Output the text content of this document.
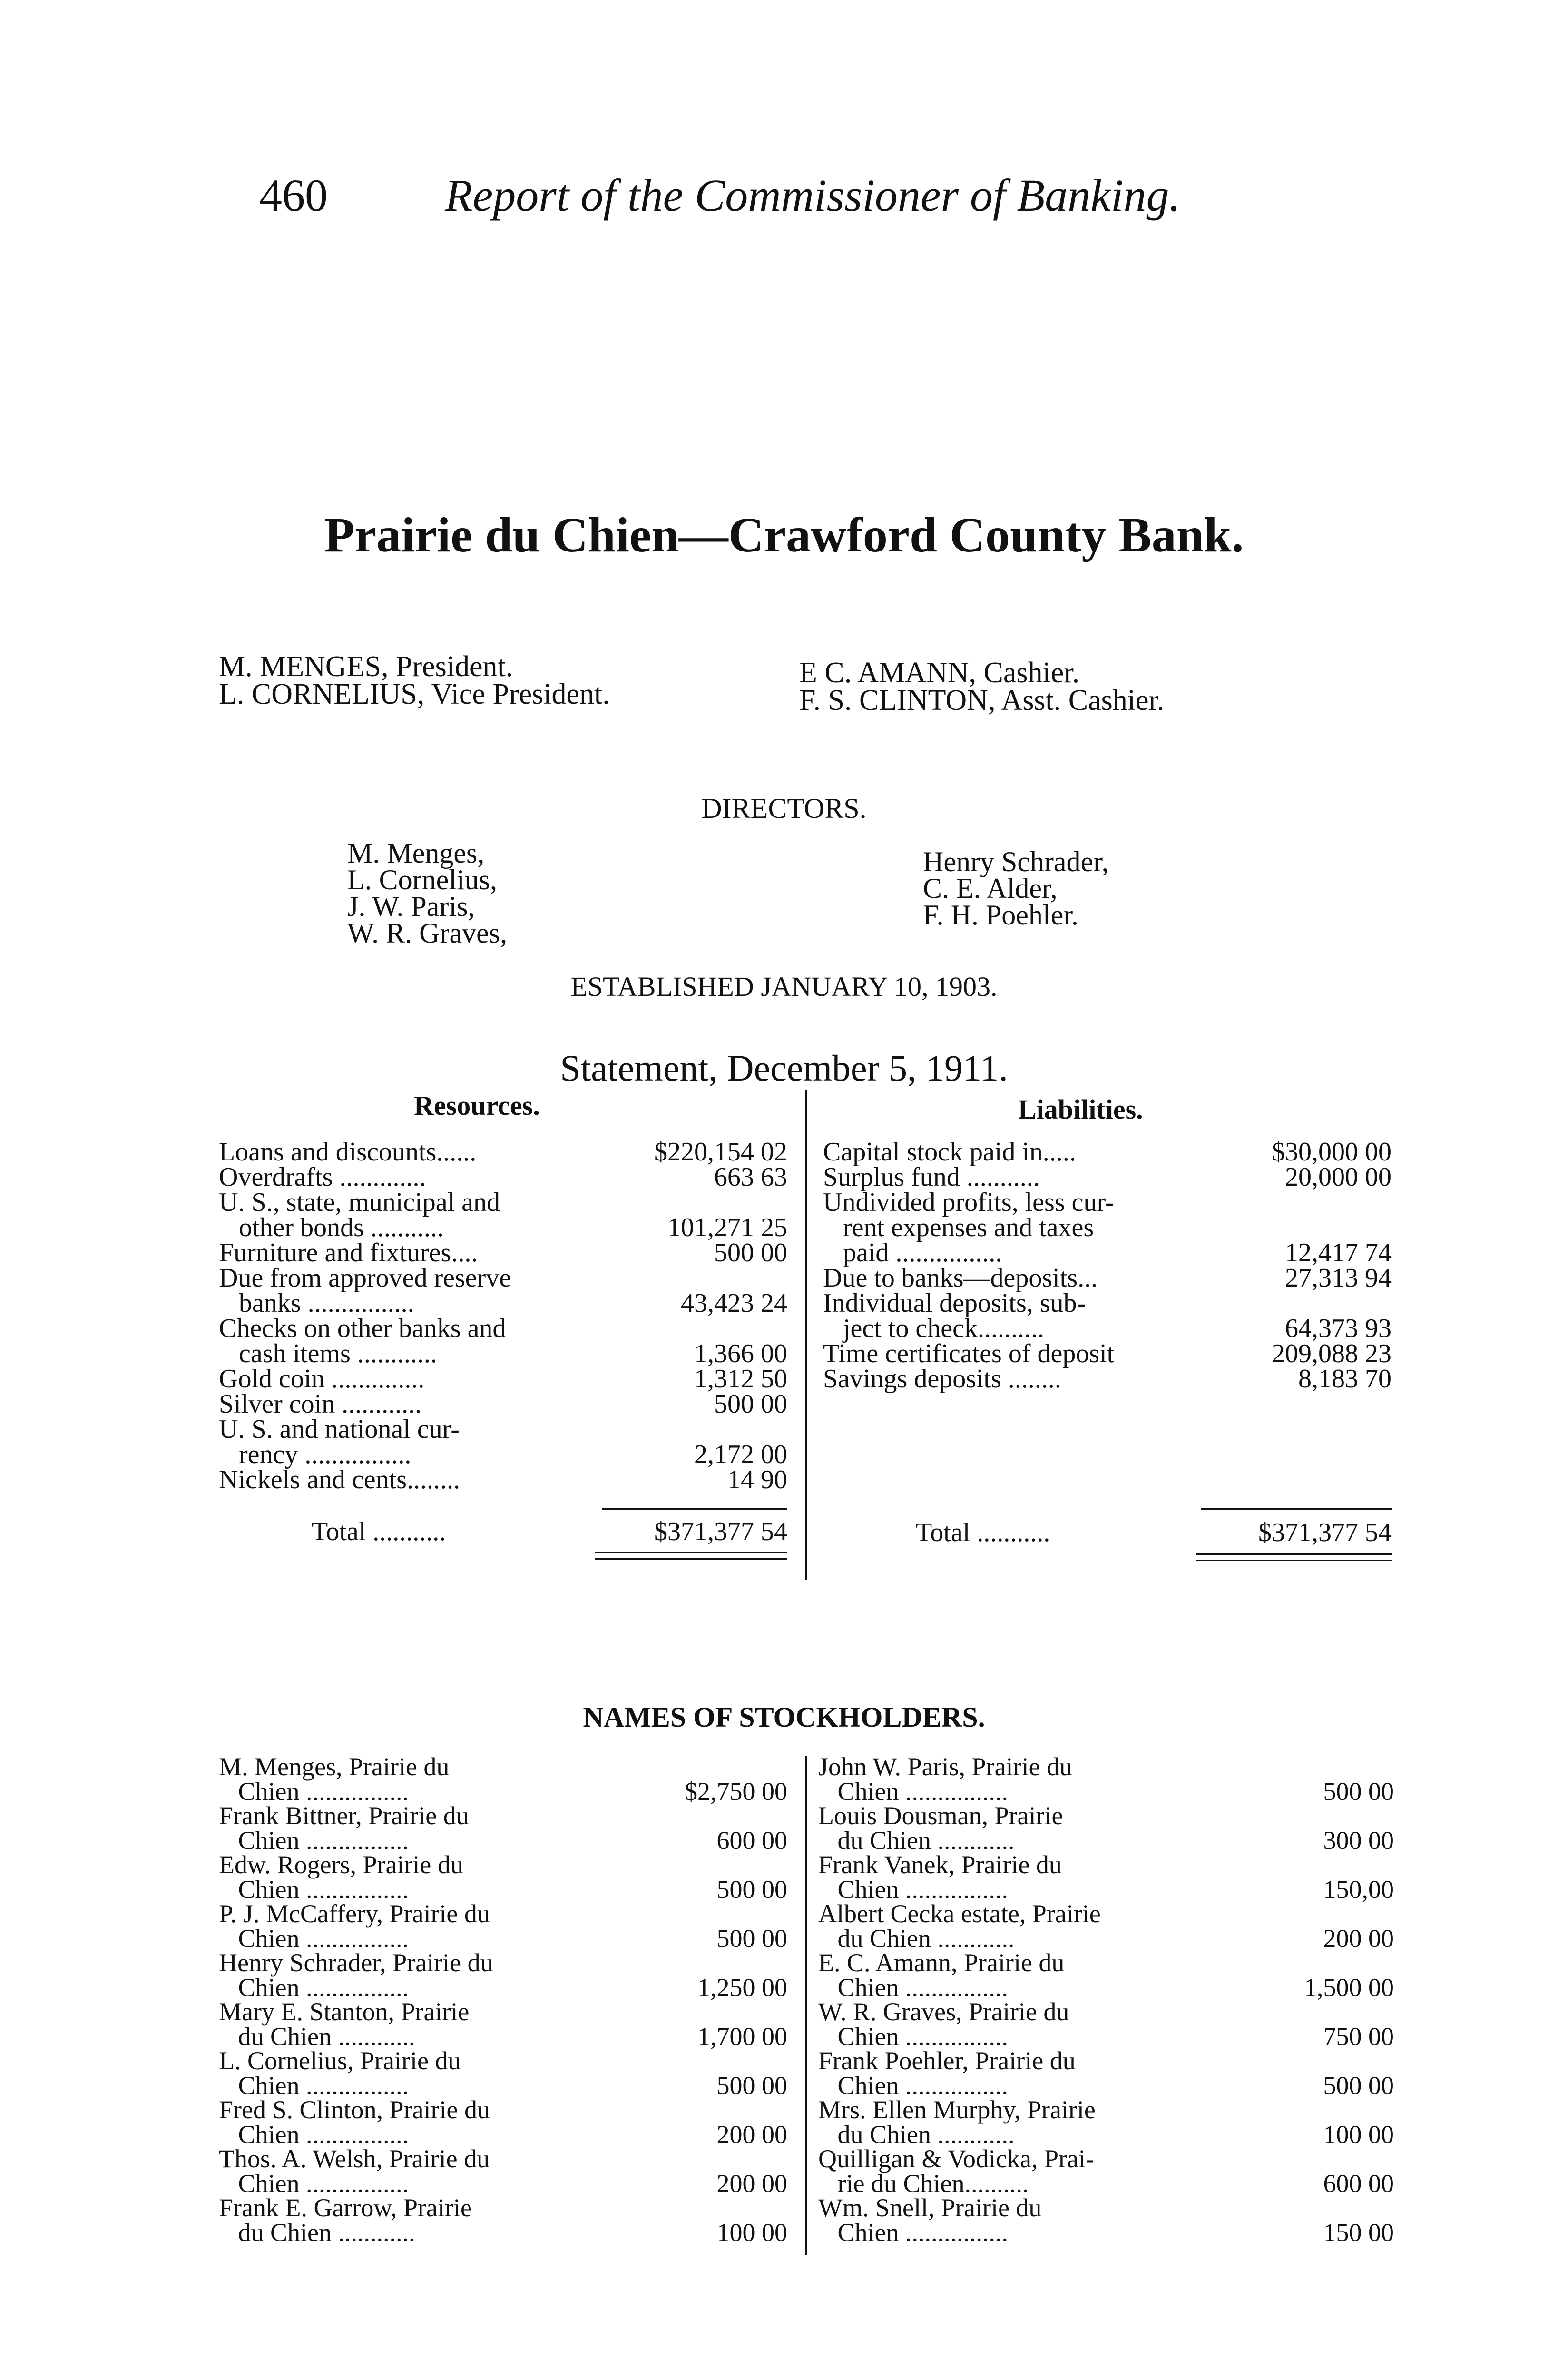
460	Report of the Commissioner of Banking.
Prairie du Chien—Crawford County Bank.
M. MENGES, President.
L. CORNELIUS, Vice President.
E C. AMANN, Cashier.
F. S. CLINTON, Asst. Cashier.
DIRECTORS.
M. Menges,
L. Cornelius,
J. W. Paris,
W. R. Graves,
Henry Schrader,
C. E. Alder,
F. H. Poehler.
ESTABLISHED JANUARY 10, 1903.
Statement, December 5, 1911.
Resources.	Liabilities.
Loans and discounts......	$220,154 02
Overdrafts .............	663 63
U. S., state, municipal and
other bonds ...........	101,271 25
Furniture and fixtures....	500 00
Due from approved reserve
banks ................	43,423 24
Checks on other banks and
cash items ............	1,366 00
Gold coin ..............	1,312 50
Silver coin ............	500 00
U. S. and national cur-
rency ................	2,172 00
Nickels and cents........	14 90
Capital stock paid in.....	$30,000 00
Surplus fund ...........	20,000 00
Undivided profits, less cur-
rent expenses and taxes
paid ................	12,417 74
Due to banks—deposits...	27,313 94
Individual deposits, sub-
ject to check..........	64,373 93
Time certificates of deposit	209,088 23
Savings deposits ........	8,183 70
Total ...........	$371,377 54	Total ...........	$371,377 54
NAMES OF STOCKHOLDERS.
M. Menges, Prairie du
Chien ................	$2,750 00
Frank Bittner, Prairie du
Chien ................	600 00
Edw. Rogers, Prairie du
Chien ................	500 00
P. J. McCaffery, Prairie du
Chien ................	500 00
Henry Schrader, Prairie du
Chien ................	1,250 00
Mary E. Stanton, Prairie
du Chien ............	1,700 00
L. Cornelius, Prairie du
Chien ................	500 00
Fred S. Clinton, Prairie du
Chien ................	200 00
Thos. A. Welsh, Prairie du
Chien ................	200 00
Frank E. Garrow, Prairie
du Chien ............	100 00
John W. Paris, Prairie du
Chien ................	500 00
Louis Dousman, Prairie
du Chien ............	300 00
Frank Vanek, Prairie du
Chien ................	150,00
Albert Cecka estate, Prairie
du Chien ............	200 00
E. C. Amann, Prairie du
Chien ................	1,500 00
W. R. Graves, Prairie du
Chien ................	750 00
Frank Poehler, Prairie du
Chien ................	500 00
Mrs. Ellen Murphy, Prairie
du Chien ............	100 00
Quilligan & Vodicka, Prai-
rie du Chien..........	600 00
Wm. Snell, Prairie du
Chien ................	150 00
